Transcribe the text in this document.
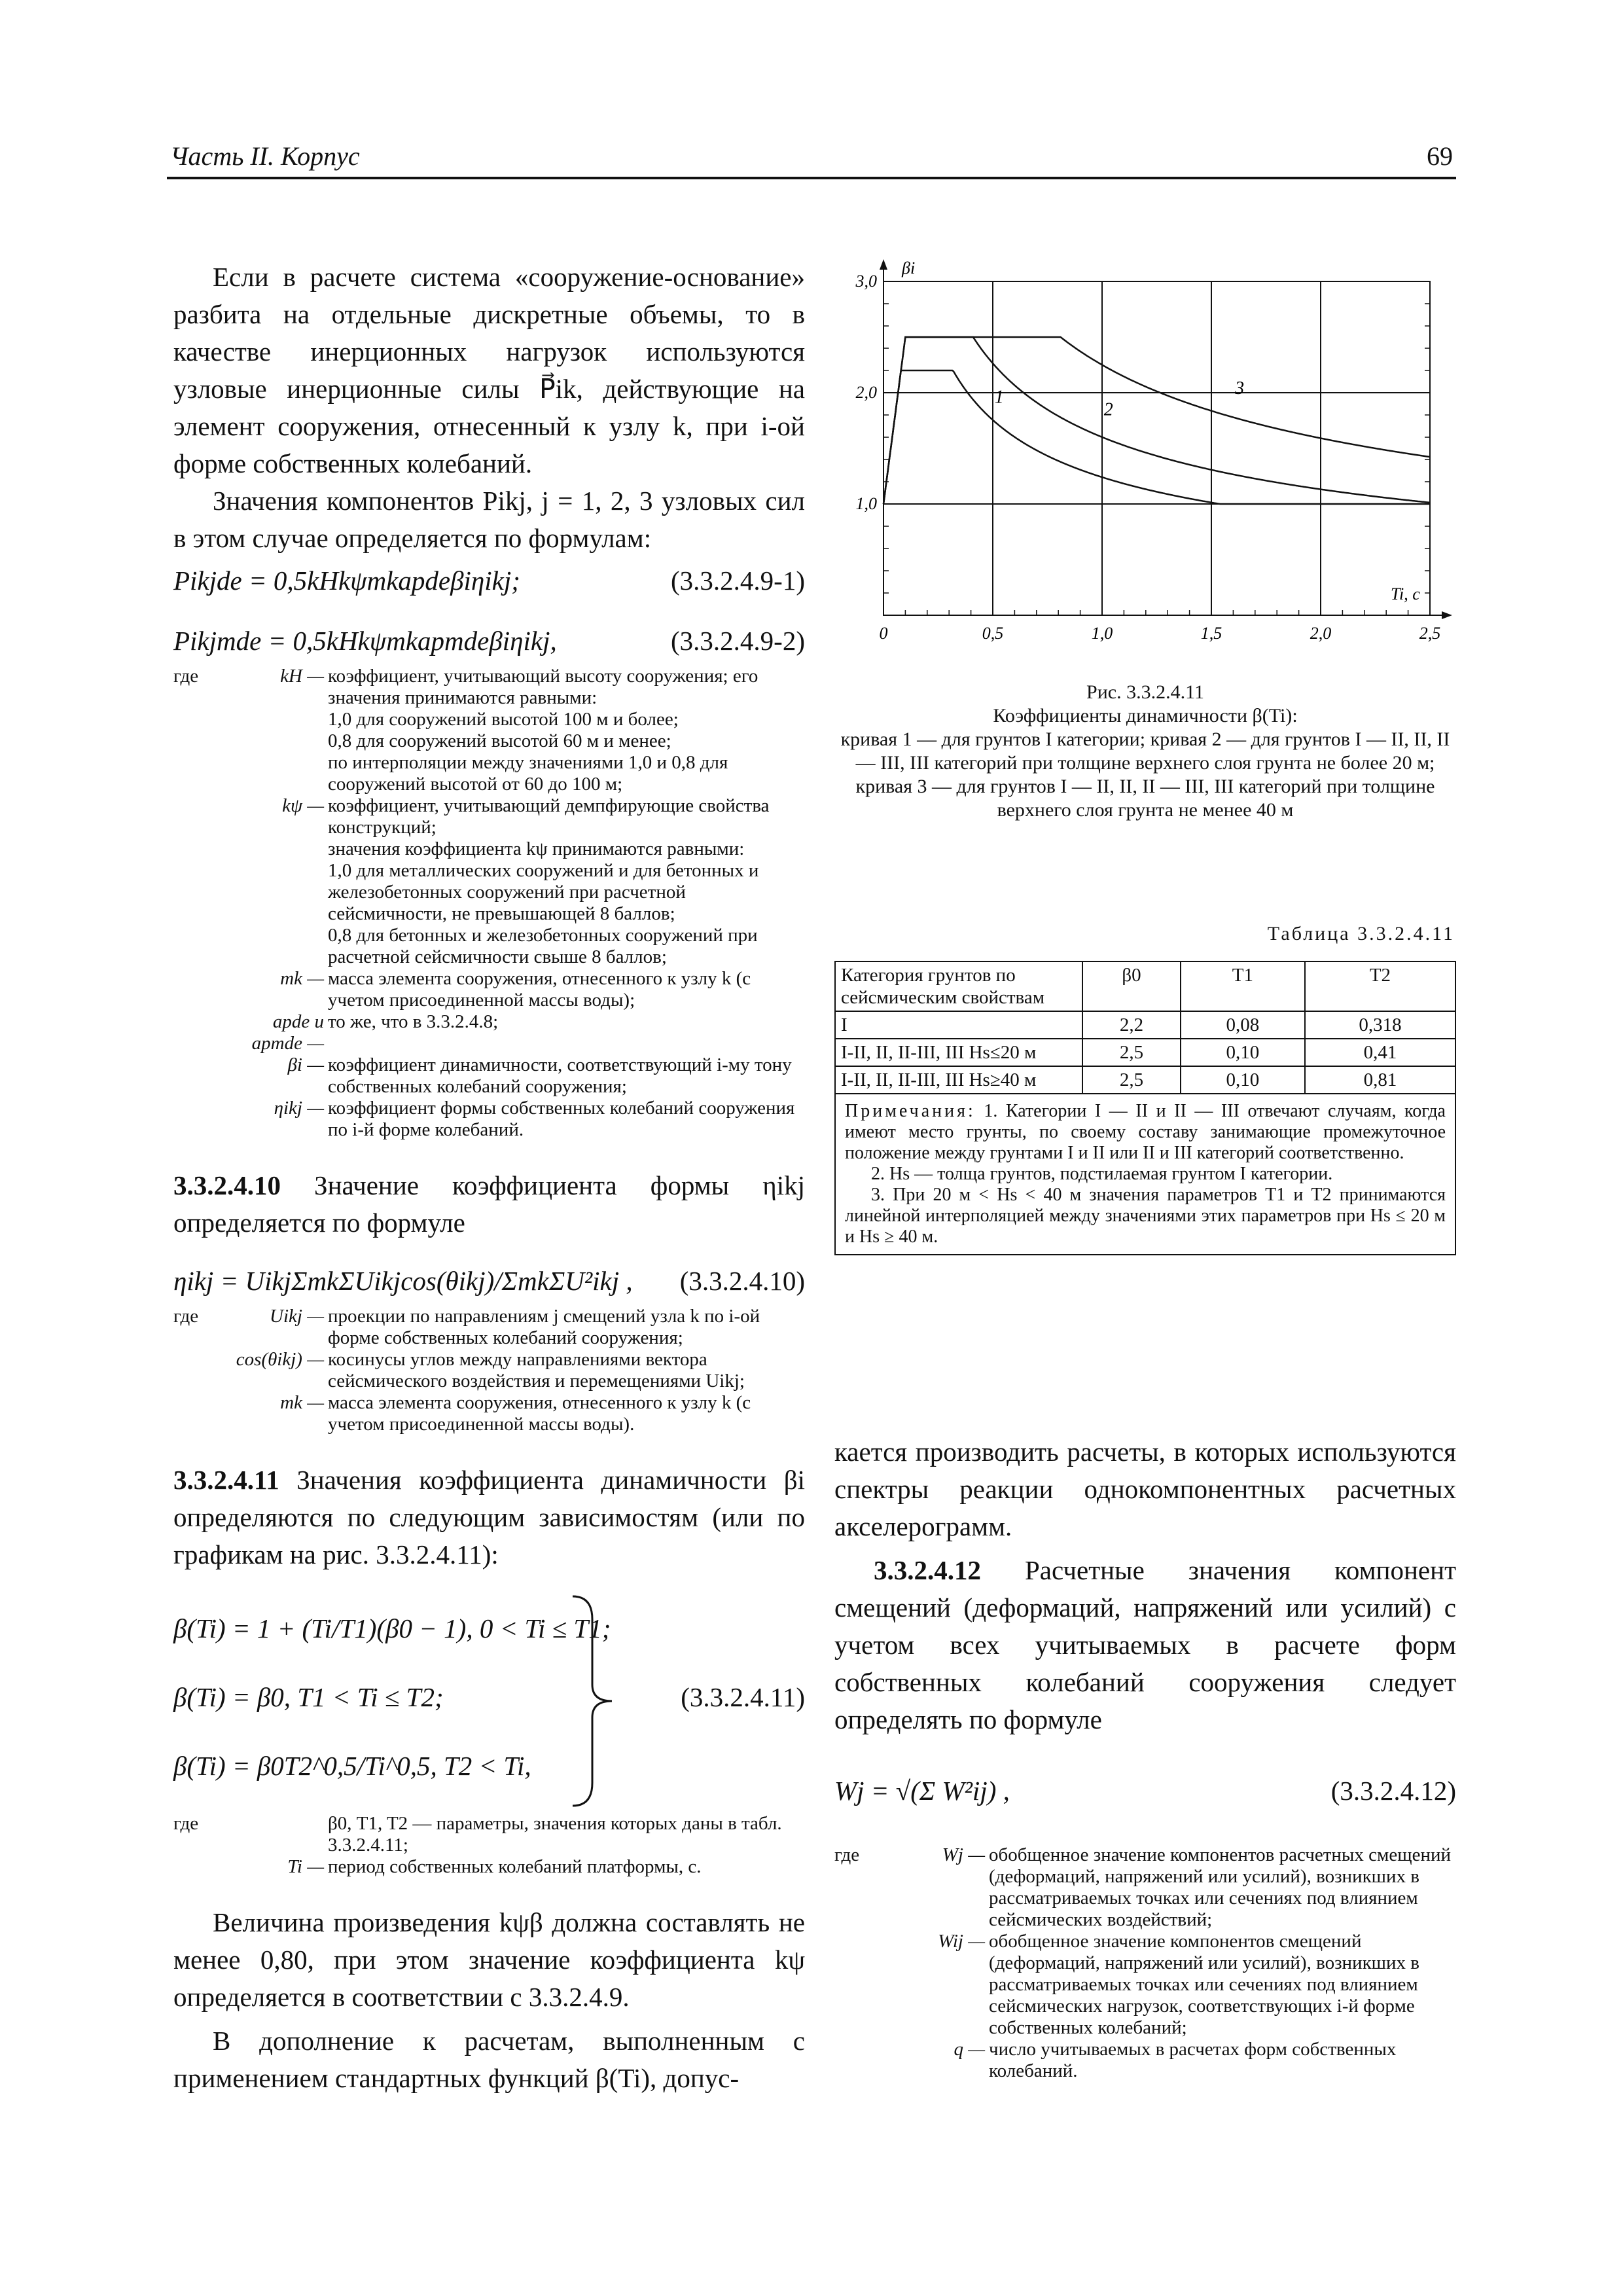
Часть II. Корпус	69

Если в расчете система «сооружение-основание» разбита на отдельные дискретные объемы, то в качестве инерционных нагрузок используются узловые инерционные силы P⃗ik, действующие на элемент сооружения, отнесенный к узлу k, при i-ой форме собственных колебаний.

Значения компонентов Pikj, j = 1, 2, 3 узловых сил в этом случае определяется по формулам:

Pikjde = 0,5kHkψmkapdeβiηikj;	(3.3.2.4.9-1)
Pikjmde = 0,5kHkψmkapmdeβiηikj,	(3.3.2.4.9-2)
где	kH — коэффициент, учитывающий высоту сооружения; его значения принимаются равными:
1,0 для сооружений высотой 100 м и более;
0,8 для сооружений высотой 60 м и менее;
по интерполяции между значениями 1,0 и 0,8 для сооружений высотой от 60 до 100 м;
kψ — коэффициент, учитывающий демпфирующие свойства конструкций;
значения коэффициента kψ принимаются равными:
1,0 для металлических сооружений и для бетонных и железобетонных сооружений при расчетной сейсмичности, не превышающей 8 баллов;
0,8 для бетонных и железобетонных сооружений при расчетной сейсмичности свыше 8 баллов;
mk — масса элемента сооружения, отнесенного к узлу k (с учетом присоединенной массы воды);
apde и apmde —
то же, что в 3.3.2.4.8;
βi — коэффициент динамичности, соответствующий i-му тону собственных колебаний сооружения;
ηikj — коэффициент формы собственных колебаний сооружения по i-й форме колебаний.

3.3.2.4.10 Значение коэффициента формы ηikj определяется по формуле

ηikj = UikjΣmkΣUikjcos(θikj)/ΣmkΣU²ikj , (3.3.2.4.10)
где	Uikj — проекции по направлениям j смещений узла k по i-ой форме собственных колебаний сооружения;
cos(θikj) — косинусы углов между направлениями вектора сейсмического воздействия и перемещениями Uikj;
mk — масса элемента сооружения, отнесенного к узлу k (с учетом присоединенной массы воды).

3.3.2.4.11 Значения коэффициента динамичности βi определяются по следующим зависимостям (или по графикам на рис. 3.3.2.4.11):

β(Ti) = 1 + (Ti/T1)(β0 − 1), 0 < Ti ≤ T1;
β(Ti) = β0, T1 < Ti ≤ T2;
β(Ti) = β0T2^0,5/Ti^0,5, T2 < Ti,
(3.3.2.4.11)
где	β0, T1, T2 — параметры, значения которых даны в табл. 3.3.2.4.11;
Ti — период собственных колебаний платформы, с.

Величина произведения kψβ должна составлять не менее 0,80, при этом значение коэффициента kψ определяется в соответствии с 3.3.2.4.9.

В дополнение к расчетам, выполненным с применением стандартных функций β(Ti), допус-

0	0,5	1,0	1,5	2,0	2,5
1,0
2,0
3,0
βi
Ti, c
1
2
3
Рис. 3.3.2.4.11
Коэффициенты динамичности β(Ti):
кривая 1 — для грунтов I категории; кривая 2 — для грунтов I — II, II, II — III, III категорий при толщине верхнего слоя грунта не более 20 м; кривая 3 — для грунтов I — II, II, II — III, III категорий при толщине верхнего слоя грунта не менее 40 м
Таблица 3.3.2.4.11
Категория грунтов по сейсмическим свойствам	β0	T1	T2
I	2,2	0,08	0,318
I-II, II, II-III, III Hs≤20 м	2,5	0,10	0,41
I-II, II, II-III, III Hs≥40 м	2,5	0,10	0,81

Примечания: 1. Категории I — II и II — III отвечают случаям, когда имеют место грунты, по своему составу занимающие промежуточное положение между грунтами I и II или II и III категорий соответственно.
2. Hs — толща грунтов, подстилаемая грунтом I категории.
3. При 20 м < Hs < 40 м значения параметров T1 и T2 принимаются линейной интерполяцией между значениями этих параметров при Hs ≤ 20 м и Hs ≥ 40 м.			

кается производить расчеты, в которых используются спектры реакции однокомпонентных расчетных акселерограмм.

3.3.2.4.12 Расчетные значения компонент смещений (деформаций, напряжений или усилий) с учетом всех учитываемых в расчете форм собственных колебаний сооружения следует определять по формуле

Wj = √(Σ W²ij) ,	(3.3.2.4.12)
где	Wj — обобщенное значение компонентов расчетных смещений (деформаций, напряжений или усилий), возникших в рассматриваемых точках или сечениях под влиянием сейсмических воздействий;
Wij — обобщенное значение компонентов смещений (деформаций, напряжений или усилий), возникших в рассматриваемых точках или сечениях под влиянием сейсмических нагрузок, соответствующих i-й форме собственных колебаний;
q — число учитываемых в расчетах форм собственных колебаний.
